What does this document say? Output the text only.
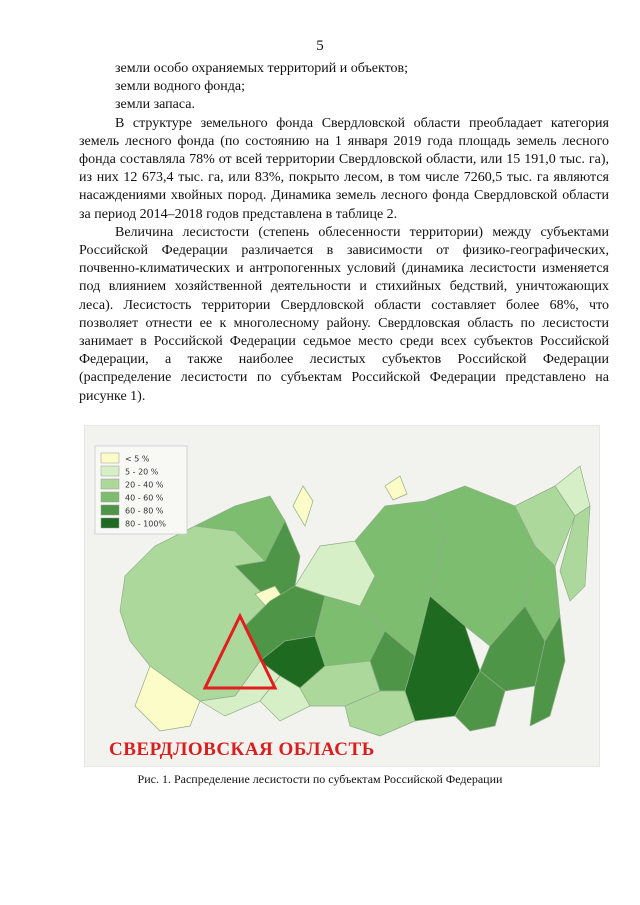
5

земли особо охраняемых территорий и объектов;

земли водного фонда;

земли запаса.

В структуре земельного фонда Свердловской области преобладает категория земель лесного фонда (по состоянию на 1 января 2019 года площадь земель лесного фонда составляла 78% от всей территории Свердловской области, или 15 191,0 тыс. га), из них 12 673,4 тыс. га, или 83%, покрыто лесом, в том числе 7260,5 тыс. га являются насаждениями хвойных пород. Динамика земель лесного фонда Свердловской области за период 2014–2018 годов представлена в таблице 2.

Величина лесистости (степень облесенности территории) между субъектами Российской Федерации различается в зависимости от физико-географических, почвенно-климатических и антропогенных условий (динамика лесистости изменяется под влиянием хозяйственной деятельности и стихийных бедствий, уничтожающих леса). Лесистость территории Свердловской области составляет более 68%, что позволяет отнести ее к многолесному району. Свердловская область по лесистости занимает в Российской Федерации седьмое место среди всех субъектов Российской Федерации, а также наиболее лесистых субъектов Российской Федерации (распределение лесистости по субъектам Российской Федерации представлено на рисунке 1).

< 5 %
5 - 20 %
20 - 40 %
40 - 60 %
60 - 80 %
80 - 100%
СВЕРДЛОВСКАЯ ОБЛАСТЬ
Рис. 1. Распределение лесистости по субъектам Российской Федерации
